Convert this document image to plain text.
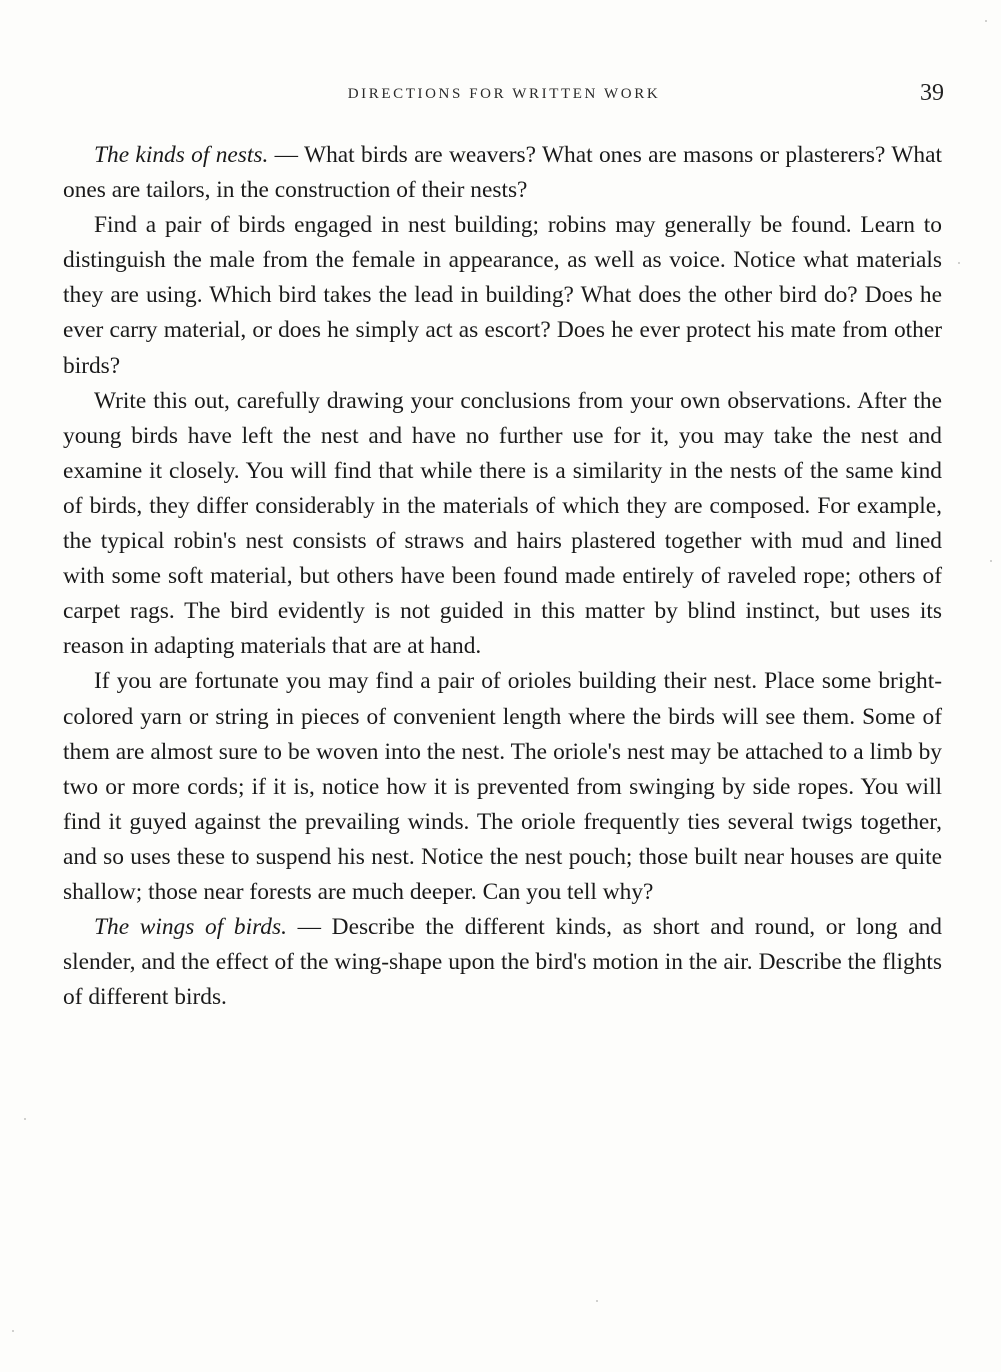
DIRECTIONS FOR WRITTEN WORK	39

The kinds of nests. — What birds are weavers? What ones are masons or plasterers? What ones are tailors, in the construction of their nests?

Find a pair of birds engaged in nest building; robins may generally be found. Learn to distinguish the male from the female in appearance, as well as voice. Notice what materials they are using. Which bird takes the lead in building? What does the other bird do? Does he ever carry material, or does he simply act as escort? Does he ever protect his mate from other birds?

Write this out, carefully drawing your conclusions from your own observations. After the young birds have left the nest and have no further use for it, you may take the nest and examine it closely. You will find that while there is a similarity in the nests of the same kind of birds, they differ considerably in the materials of which they are composed. For example, the typical robin's nest consists of straws and hairs plastered together with mud and lined with some soft material, but others have been found made entirely of raveled rope; others of carpet rags. The bird evidently is not guided in this matter by blind instinct, but uses its reason in adapting materials that are at hand.

If you are fortunate you may find a pair of orioles building their nest. Place some bright-colored yarn or string in pieces of convenient length where the birds will see them. Some of them are almost sure to be woven into the nest. The oriole's nest may be attached to a limb by two or more cords; if it is, notice how it is prevented from swinging by side ropes. You will find it guyed against the prevailing winds. The oriole frequently ties several twigs together, and so uses these to suspend his nest. Notice the nest pouch; those built near houses are quite shallow; those near forests are much deeper. Can you tell why?

The wings of birds. — Describe the different kinds, as short and round, or long and slender, and the effect of the wing-shape upon the bird's motion in the air. Describe the flights of different birds.
